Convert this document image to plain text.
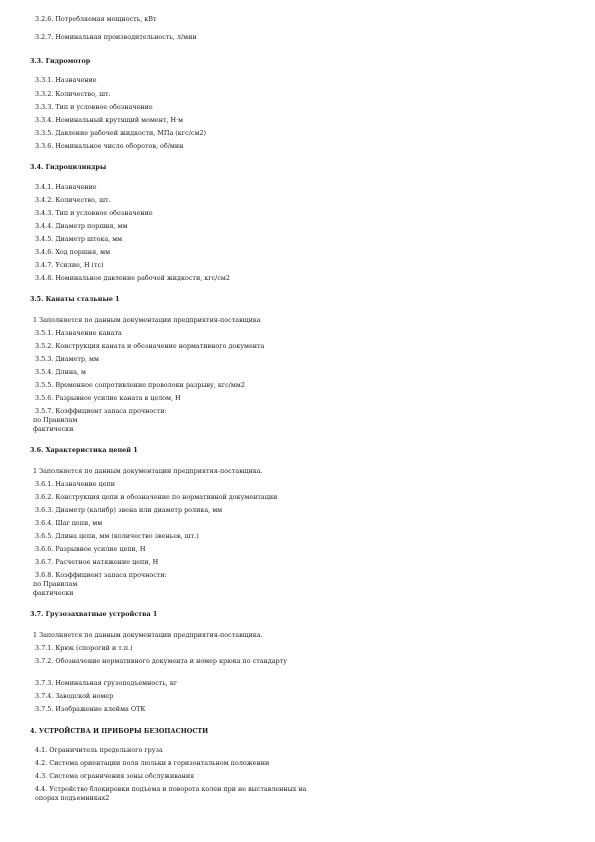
3.2.6. Потребляемая мощность, кВт
3.2.7. Номинальная производительность, л/мин
3.3. Гидромотор
3.3.1. Назначение
3.3.2. Количество, шт.
3.3.3. Тип и условное обозначение
3.3.4. Номинальный крутящий момент, Н·м
3.3.5. Давление рабочей жидкости, МПа (кгс/см2)
3.3.6. Номинальное число оборотов, об/мин
3.4. Гидроцилиндры
3.4.1. Назначение
3.4.2. Количество, шт.
3.4.3. Тип и условное обозначение
3.4.4. Диаметр поршня, мм
3.4.5. Диаметр штока, мм
3.4.6. Ход поршня, мм
3.4.7. Усилие, Н (тс)
3.4.8. Номинальное давление рабочей жидкости, кгс/см2
3.5. Канаты стальные 1
1 Заполняется по данным документации предприятия-поставщика
3.5.1. Назначение каната
3.5.2. Конструкция каната и обозначение нормативного документа
3.5.3. Диаметр, мм
3.5.4. Длина, м
3.5.5. Временное сопротивление проволоки разрыву, кгс/мм2
3.5.6. Разрывное усилие каната в целом, Н
3.5.7. Коэффициент запаса прочности:
по Правилам
фактически
3.6. Характеристика цепей 1
1 Заполняется по данным документации предприятия-поставщика.
3.6.1. Назначение цепи
3.6.2. Конструкция цепи и обозначение по нормативной документации
3.6.3. Диаметр (калибр) звена или диаметр ролика, мм
3.6.4. Шаг цепи, мм
3.6.5. Длина цепи, мм (количество звеньев, шт.)
3.6.6. Разрывное усилие цепи, Н
3.6.7. Расчетное натяжение цепи, Н
3.6.8. Коэффициент запаса прочности:
по Правилам
фактически
3.7. Грузозахватные устройства 1
1 Заполняется по данным документации предприятия-поставщика.
3.7.1. Крюк (спорогий и т.п.)
3.7.2. Обозначение нормативного документа и номер крюка по стандарту
3.7.3. Номинальная грузоподъемность, кг
3.7.4. Заводской номер
3.7.5. Изображение клейма ОТК
4. УСТРОЙСТВА И ПРИБОРЫ БЕЗОПАСНОСТИ
4.1. Ограничитель предельного груза
4.2. Система ориентации поля люльки в горизонтальном положении
4.3. Система ограничения зоны обслуживания
4.4. Устройство блокировки подъема и поворота колен при не выставленных на опорах подъемниках2
